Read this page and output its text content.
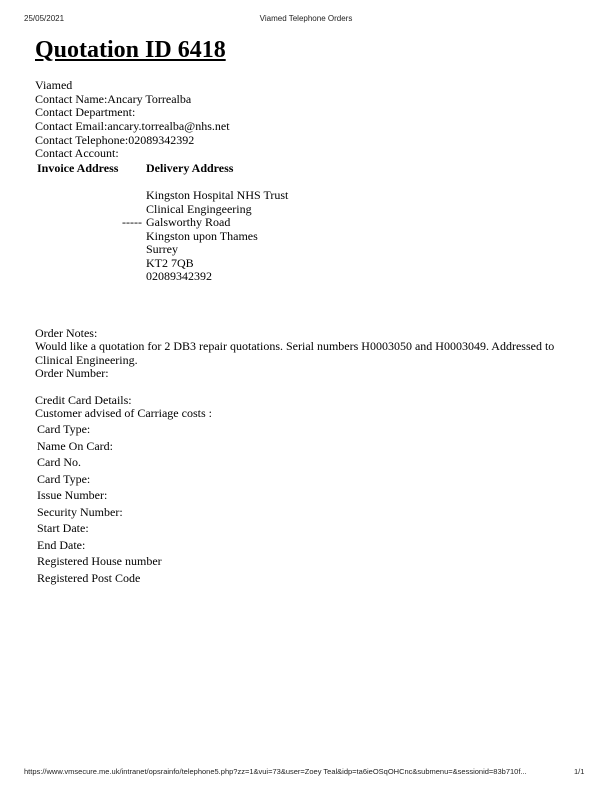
25/05/2021	Viamed Telephone Orders
Quotation ID 6418
Viamed
Contact Name:Ancary Torrealba
Contact Department:
Contact Email:ancary.torrealba@nhs.net
Contact Telephone:02089342392
Contact Account:
Invoice Address Delivery Address
-----
Kingston Hospital NHS Trust
Clinical Engingeering
Galsworthy Road
Kingston upon Thames
Surrey
KT2 7QB
02089342392
Order Notes:
Would like a quotation for 2 DB3 repair quotations. Serial numbers H0003050 and H0003049. Addressed to
Clinical Engineering.
Order Number:
Credit Card Details:
Customer advised of Carriage costs :
Card Type:
Name On Card:
Card No.
Card Type:
Issue Number:
Security Number:
Start Date:
End Date:
Registered House number
Registered Post Code
https://www.vmsecure.me.uk/intranet/opsrainfo/telephone5.php?zz=1&vui=73&user=Zoey Teal&idp=ta6ieOSqOHCnc&submenu=&sessionid=83b710f...	1/1
